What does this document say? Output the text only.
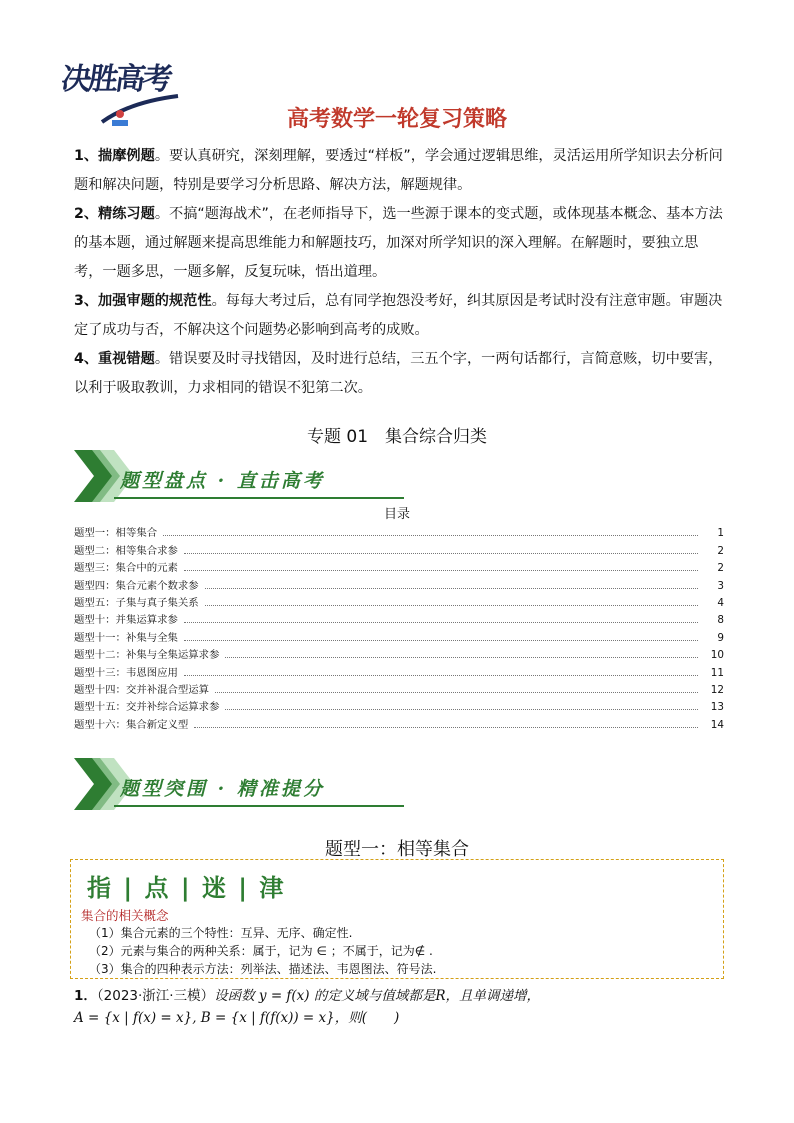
决胜高考
高考数学一轮复习策略

1、揣摩例题。要认真研究，深刻理解，要透过“样板”，学会通过逻辑思维，灵活运用所学知识去分析问题和解决问题，特别是要学习分析思路、解决方法，解题规律。

2、精练习题。不搞“题海战术”，在老师指导下，选一些源于课本的变式题，或体现基本概念、基本方法的基本题，通过解题来提高思维能力和解题技巧，加深对所学知识的深入理解。在解题时，要独立思考，一题多思，一题多解，反复玩味，悟出道理。

3、加强审题的规范性。每每大考过后，总有同学抱怨没考好，纠其原因是考试时没有注意审题。审题决定了成功与否，不解决这个问题势必影响到高考的成败。

4、重视错题。错误要及时寻找错因，及时进行总结，三五个字，一两句话都行，言简意赅，切中要害，以利于吸取教训，力求相同的错误不犯第二次。

专题 01　集合综合归类
题型盘点 · 直击高考
目录
题型一：相等集合	1
题型二：相等集合求参	2
题型三：集合中的元素	2
题型四：集合元素个数求参	3
题型五：子集与真子集关系	4
题型十：并集运算求参	8
题型十一：补集与全集	9
题型十二：补集与全集运算求参	10
题型十三：韦恩图应用	11
题型十四：交并补混合型运算	12
题型十五：交并补综合运算求参	13
题型十六：集合新定义型	14
题型突围 · 精准提分
题型一：相等集合
指 | 点 | 迷 | 津
集合的相关概念
（1）集合元素的三个特性：互异、无序、确定性.
（2）元素与集合的两种关系：属于，记为 ∈ ；不属于，记为∉ .
（3）集合的四种表示方法：列举法、描述法、韦恩图法、符号法.
1．（2023·浙江·三模）设函数 y = f(x) 的定义域与值域都是R，且单调递增，
A = {x | f(x) = x}, B = {x | f(f(x)) = x}，则(　　)
